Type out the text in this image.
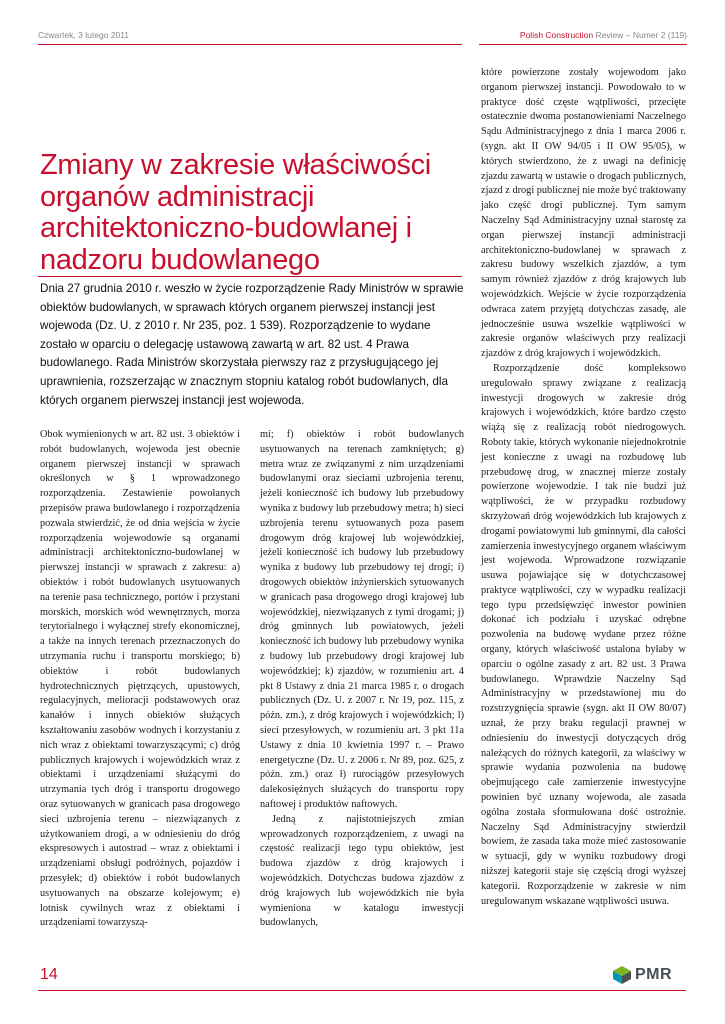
Czwartek, 3 lutego 2011	Polish Construction Review – Numer 2 (119)
Zmiany w zakresie właściwości organów administracji architektoniczno-budowlanej i nadzoru budowlanego

Dnia 27 grudnia 2010 r. weszło w życie rozporządzenie Rady Ministrów w sprawie obiektów budowlanych, w sprawach których organem pierwszej instancji jest wojewoda (Dz. U. z 2010 r. Nr 235, poz. 1 539). Rozporządzenie to wydane zostało w oparciu o delegację ustawową zawartą w art. 82 ust. 4 Prawa budowlanego. Rada Ministrów skorzystała pierwszy raz z przysługującego jej uprawnienia, rozszerzając w znacznym stopniu katalog robót budowlanych, dla których organem pierwszej instancji jest wojewoda.

Obok wymienionych w art. 82 ust. 3 obiektów i robót budowlanych, wojewoda jest obecnie organem pierwszej instancji w sprawach określonych w § 1 wprowadzonego rozporządzenia. Zestawienie powołanych przepisów prawa budowlanego i rozporządzenia pozwala stwierdzić, że od dnia wejścia w życie rozporządzenia wojewodowie są organami administracji architektoniczno-budowlanej w pierwszej instancji w sprawach z zakresu: a) obiektów i robót budowlanych usytuowanych na terenie pasa technicznego, portów i przystani morskich, morskich wód wewnętrznych, morza terytorialnego i wyłącznej strefy ekonomicznej, a także na innych terenach przeznaczonych do utrzymania ruchu i transportu morskiego; b) obiektów i robót budowlanych hydrotechnicznych piętrzących, upustowych, regulacyjnych, melioracji podstawowych oraz kanałów i innych obiektów służących kształtowaniu zasobów wodnych i korzystaniu z nich wraz z obiektami towarzyszącymi; c) dróg publicznych krajowych i wojewódzkich wraz z obiektami i urządzeniami służącymi do utrzymania tych dróg i transportu drogowego oraz sytuowanych w granicach pasa drogowego sieci uzbrojenia terenu – niezwiązanych z użytkowaniem drogi, a w odniesieniu do dróg ekspresowych i autostrad – wraz z obiektami i urządzeniami obsługi podróżnych, pojazdów i przesyłek; d) obiektów i robót budowlanych usytuowanych na obszarze kolejowym; e) lotnisk cywilnych wraz z obiektami i urządzeniami towarzyszą-

mi; f) obiektów i robót budowlanych usytuowanych na terenach zamkniętych; g) metra wraz ze związanymi z nim urządzeniami budowlanymi oraz sieciami uzbrojenia terenu, jeżeli konieczność ich budowy lub przebudowy wynika z budowy lub przebudowy metra; h) sieci uzbrojenia terenu sytuowanych poza pasem drogowym dróg krajowej lub wojewódzkiej, jeżeli konieczność ich budowy lub przebudowy wynika z budowy lub przebudowy tej drogi; i) drogowych obiektów inżynierskich sytuowanych w granicach pasa drogowego drogi krajowej lub wojewódzkiej, niezwiązanych z tymi drogami; j) dróg gminnych lub powiatowych, jeżeli konieczność ich budowy lub przebudowy wynika z budowy lub przebudowy drogi krajowej lub wojewódzkiej; k) zjazdów, w rozumieniu art. 4 pkt 8 Ustawy z dnia 21 marca 1985 r. o drogach publicznych (Dz. U. z 2007 r. Nr 19, poz. 115, z późn. zm.), z dróg krajowych i wojewódzkich; l) sieci przesyłowych, w rozumieniu art. 3 pkt 11a Ustawy z dnia 10 kwietnia 1997 r. – Prawo energetyczne (Dz. U. z 2006 r. Nr 89, poz. 625, z późn. zm.) oraz ł) rurociągów przesyłowych dalekosiężnych służących do transportu ropy naftowej i produktów naftowych.

Jedną z najistotniejszych zmian wprowadzonych rozporządzeniem, z uwagi na częstość realizacji tego typu obiektów, jest budowa zjazdów z dróg krajowych i wojewódzkich. Dotychczas budowa zjazdów z dróg krajowych lub wojewódzkich nie była wymieniona w katalogu inwestycji budowlanych,

które powierzone zostały wojewodom jako organom pierwszej instancji. Powodowało to w praktyce dość częste wątpliwości, przecięte ostatecznie dwoma postanowieniami Naczelnego Sądu Administracyjnego z dnia 1 marca 2006 r. (sygn. akt II OW 94/05 i II OW 95/05), w których stwierdzono, że z uwagi na definicję zjazdu zawartą w ustawie o drogach publicznych, zjazd z drogi publicznej nie może być traktowany jako część drogi publicznej. Tym samym Naczelny Sąd Administracyjny uznał starostę za organ pierwszej instancji administracji architektoniczno-budowlanej w sprawach z zakresu budowy wszelkich zjazdów, a tym samym również zjazdów z dróg krajowych lub wojewódzkich. Wejście w życie rozporządzenia odwraca zatem przyjętą dotychczas zasadę, ale jednocześnie usuwa wszelkie wątpliwości w zakresie organów właściwych przy realizacji zjazdów z dróg krajowych i wojewódzkich.

Rozporządzenie dość kompleksowo uregulowało sprawy związane z realizacją inwestycji drogowych w zakresie dróg krajowych i wojewódzkich, które bardzo często wiążą się z realizacją robót niedrogowych. Roboty takie, których wykonanie niejednokrotnie jest konieczne z uwagi na rozbudowę lub przebudowę drog, w znacznej mierze zostały powierzone wojewodzie. I tak nie budzi już wątpliwości, że w przypadku rozbudowy skrzyżowań dróg wojewódzkich lub krajowych z drogami powiatowymi lub gminnymi, dla całości zamierzenia inwestycyjnego organem właściwym jest wojewoda. Wprowadzone rozwiązanie usuwa pojawiające się w dotychczasowej praktyce wątpliwości, czy w wypadku realizacji tego typu przedsięwzięć inwestor powinien dokonać ich podziału i uzyskać odrębne pozwolenia na budowę wydane przez różne organy, których właściwość ustalona byłaby w oparciu o ogólne zasady z art. 82 ust. 3 Prawa budowlanego. Wprawdzie Naczelny Sąd Administracyjny w przedstawionej mu do rozstrzygnięcia sprawie (sygn. akt II OW 80/07) uznał, że przy braku regulacji prawnej w odniesieniu do inwestycji dotyczących dróg należących do różnych kategorii, za właściwy w sprawie wydania pozwolenia na budowę obejmującego całe zamierzenie inwestycyjne powinien być uznany wojewoda, ale zasada ogólna została sformułowana dość ostrożnie. Naczelny Sąd Administracyjny stwierdził bowiem, że zasada taka może mieć zastosowanie w sytuacji, gdy w wyniku rozbudowy drogi niższej kategorii staje się częścią drogi wyższej kategorii. Rozporządzenie w zakresie w nim uregulowanym wskazane wątpliwości usuwa.

14	PMR
